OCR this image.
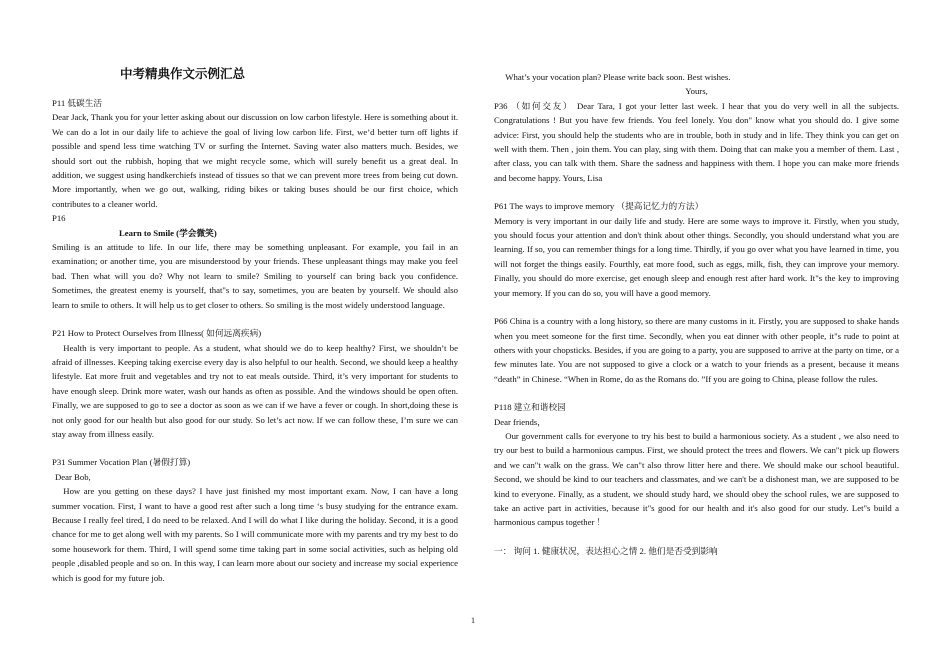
中考精典作文示例汇总

P11 低碳生活

Dear Jack, Thank you for your letter asking about our discussion on low carbon lifestyle. Here is something about it. We can do a lot in our daily life to achieve the goal of living low carbon life. First, we’d better turn off lights if possible and spend less time watching TV or surfing the Internet. Saving water also matters much. Besides, we should sort out the rubbish, hoping that we might recycle some, which will surely benefit us a great deal. In addition, we suggest using handkerchiefs instead of tissues so that we can prevent more trees from being cut down. More importantly, when we go out, walking, riding bikes or taking buses should be our first choice, which contributes to a cleaner world.

P16

Learn to Smile (学会微笑)

Smiling is an attitude to life. In our life, there may be something unpleasant. For example, you fail in an examination; or another time, you are misunderstood by your friends. These unpleasant things may make you feel bad. Then what will you do? Why not learn to smile? Smiling to yourself can bring back you confidence. Sometimes, the greatest enemy is yourself, that"s to say, sometimes, you are beaten by yourself. We should also learn to smile to others. It will help us to get closer to others. So smiling is the most widely understood language.

P21 How to Protect Ourselves from Illness( 如何远离疾病)

Health is very important to people. As a student, what should we do to keep healthy? First, we shouldn’t be afraid of illnesses. Keeping taking exercise every day is also helpful to our health. Second, we should keep a healthy lifestyle. Eat more fruit and vegetables and try not to eat meals outside. Third, it’s very important for students to have enough sleep. Drink more water, wash our hands as often as possible. And the windows should be open often. Finally, we are supposed to go to see a doctor as soon as we can if we have a fever or cough. In short,doing these is not only good for our health but also good for our study. So let’s act now. If we can follow these, I’m sure we can stay away from illness easily.

P31 Summer Vocation Plan (暑假打算)

Dear Bob,

How are you getting on these days? I have just finished my most important exam. Now, I can have a long summer vocation. First, I want to have a good rest after such a long time ‘s busy studying for the entrance exam. Because I really feel tired, I do need to be relaxed. And I will do what I like during the holiday. Second, it is a good chance for me to get along well with my parents. So I will communicate more with my parents and try my best to do some housework for them. Third, I will spend some time taking part in some social activities, such as helping old people ,disabled people and so on. In this way, I can learn more about our society and increase my social experience which is good for my future job.

What’s your vocation plan? Please write back soon. Best wishes.

Yours,

P36 （如何交友） Dear Tara, I got your letter last week. I hear that you do very well in all the subjects. Congratulations ! But you have few friends. You feel lonely. You don" know what you should do. I give some advice: First, you should help the students who are in trouble, both in study and in life. They think you can get on well with them. Then , join them. You can play, sing with them. Doing that can make you a member of them. Last , after class, you can talk with them. Share the sadness and happiness with them. I hope you can make more friends and become happy. Yours, Lisa

P61 The ways to improve memory （提高记忆力的方法）

Memory is very important in our daily life and study. Here are some ways to improve it. Firstly, when you study, you should focus your attention and don't think about other things. Secondly, you should understand what you are learning. If so, you can remember things for a long time. Thirdly, if you go over what you have learned in time, you will not forget the things easily. Fourthly, eat more food, such as eggs, milk, fish, they can improve your memory. Finally, you should do more exercise, get enough sleep and enough rest after hard work. It"s the key to improving your memory. If you can do so, you will have a good memory.

P66 China is a country with a long history, so there are many customs in it. Firstly, you are supposed to shake hands when you meet someone for the first time. Secondly, when you eat dinner with other people, it"s rude to point at others with your chopsticks. Besides, if you are going to a party, you are supposed to arrive at the party on time, or a few minutes late. You are not supposed to give a clock or a watch to your friends as a present, because it means “death” in Chinese. “When in Rome, do as the Romans do. ”If you are going to China, please follow the rules.

P118 建立和谐校园

Dear friends，

Our government calls for everyone to try his best to build a harmonious society. As a student , we also need to try our best to build a harmonious campus. First, we should protect the trees and flowers. We can"t pick up flowers and we can"t walk on the grass. We can"t also throw litter here and there. We should make our school beautiful. Second, we should be kind to our teachers and classmates, and we can't be a dishonest man, we are supposed to be kind to everyone. Finally, as a student, we should study hard, we should obey the school rules, we are supposed to take an active part in activities, because it"s good for our health and it's also good for our study. Let"s build a harmonious campus together ！

一： 询问 1. 健康状况，表达担心之情 2. 他们是否受到影响

1
